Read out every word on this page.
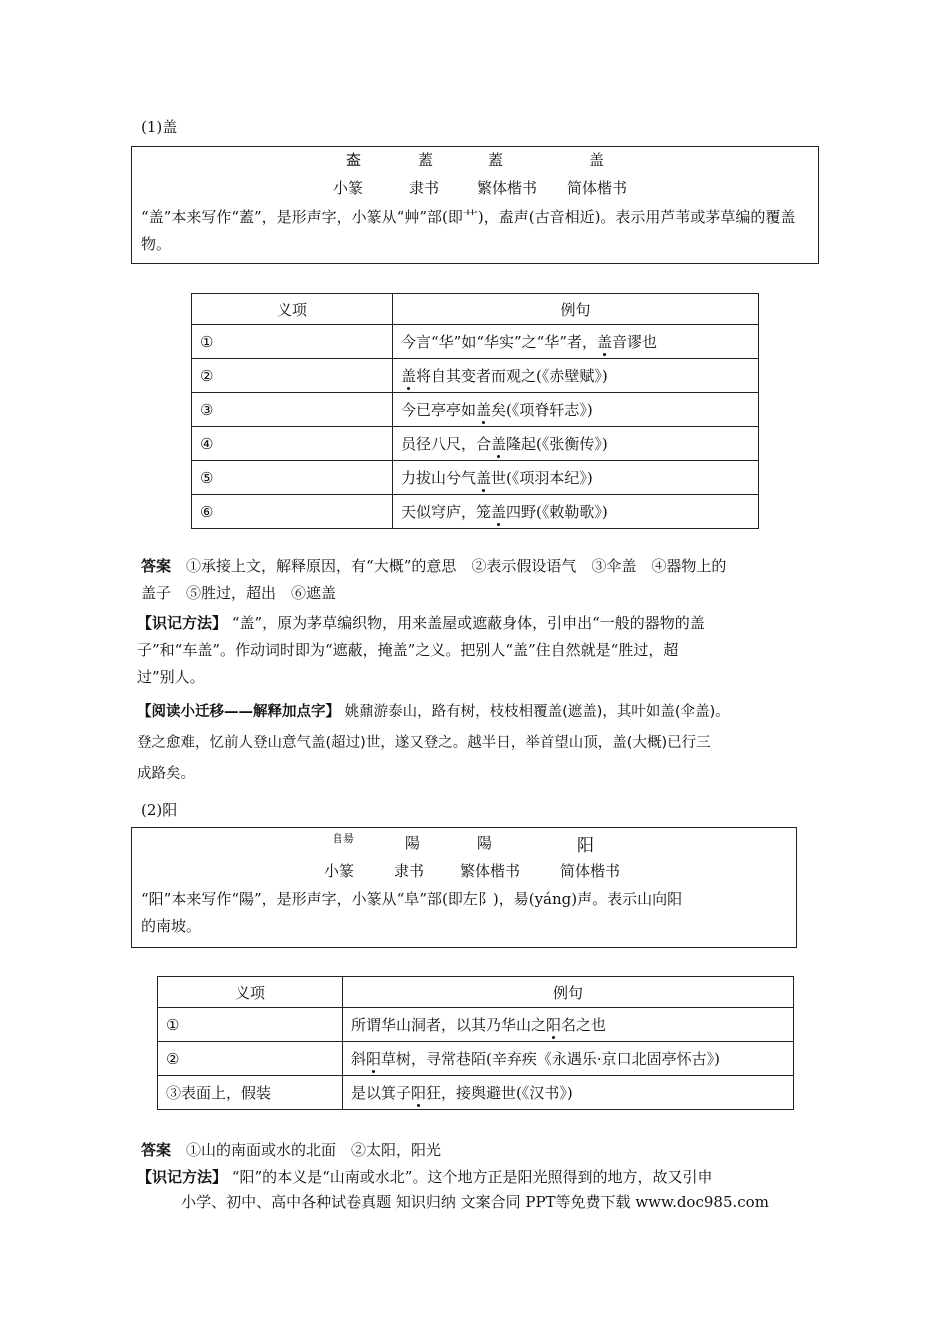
(1)盖
𥁋	蓋	蓋	盖
小篆	隶书	繁体楷书 简体楷书
“盖”本来写作“蓋”，是形声字，小篆从“艸”部(即艹)，盍声(古音相近)。表示用芦苇或茅草编的覆盖物。
义项	例句
①	今言“华”如“华实”之“华”者，盖音谬也
②	盖将自其变者而观之(《赤壁赋》)
③	今已亭亭如盖矣(《项脊轩志》)
④	员径八尺，合盖隆起(《张衡传》)
⑤	力拔山兮气盖世(《项羽本纪》)
⑥	天似穹庐，笼盖四野(《敕勒歌》)
答案　 ①承接上文，解释原因，有“大概”的意思　②表示假设语气　③伞盖　④器物上的
盖子　⑤胜过，超出　⑥遮盖
【识记方法】 “盖”，原为茅草编织物，用来盖屋或遮蔽身体，引申出“一般的器物的盖
子”和“车盖”。作动词时即为“遮蔽，掩盖”之义。把别人“盖”住自然就是“胜过，超
过”别人。
【阅读小迁移——解释加点字】 姚鼐游泰山，路有树，枝枝相覆盖(遮盖)，其叶如盖(伞盖)。
登之愈难，忆前人登山意气盖(超过)世，遂又登之。越半日，举首望山顶，盖(大概)已行三
成路矣。
(2)阳
𨸏昜	陽	陽	阳
小篆	隶书 繁体楷书	简体楷书
“阳”本来写作“陽”，是形声字，小篆从“阜”部(即左阝)，昜(yáng)声。表示山向阳
的南坡。
义项	例句
①	所谓华山洞者，以其乃华山之阳名之也
②	斜阳草树，寻常巷陌(辛弃疾《永遇乐·京口北固亭怀古》)
③表面上，假装	是以箕子阳狂，接舆避世(《汉书》)
答案　 ①山的南面或水的北面　②太阳，阳光
【识记方法】 “阳”的本义是“山南或水北”。这个地方正是阳光照得到的地方，故又引申
小学、初中、高中各种试卷真题 知识归纳 文案合同 PPT等免费下载 www.doc985.com
